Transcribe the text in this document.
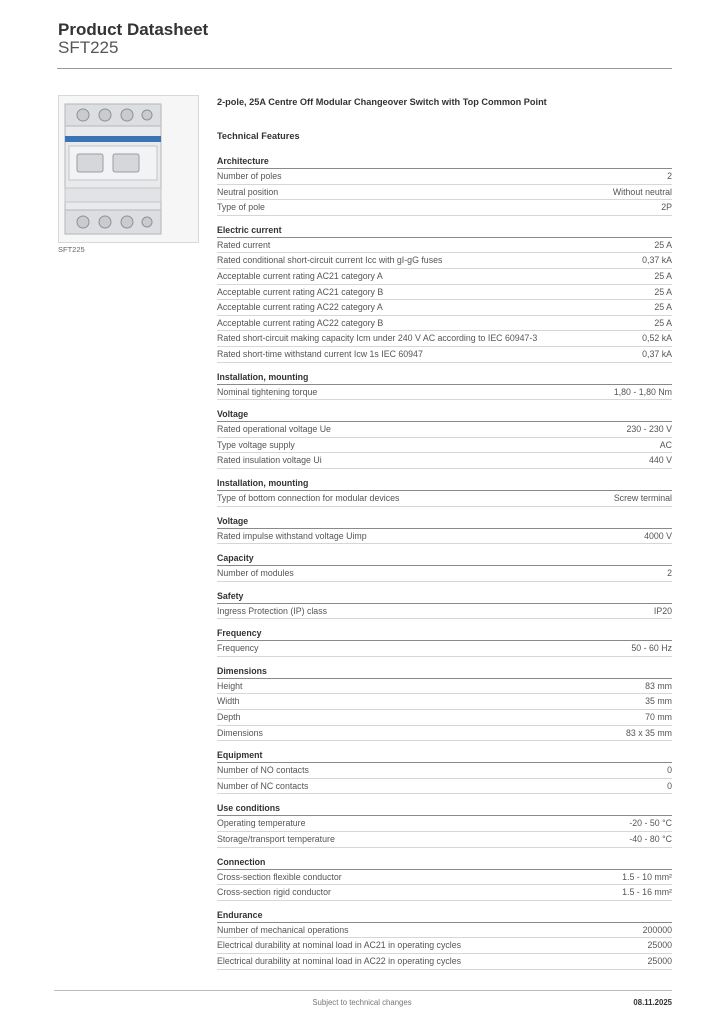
Product Datasheet
SFT225
SFT225
2-pole, 25A Centre Off Modular Changeover Switch with Top Common Point
Technical Features
Architecture
Number of poles	2
Neutral position	Without neutral
Type of pole	2P
Electric current
Rated current	25 A
Rated conditional short-circuit current Icc with gI-gG fuses	0,37 kA
Acceptable current rating AC21 category A	25 A
Acceptable current rating AC21 category B	25 A
Acceptable current rating AC22 category A	25 A
Acceptable current rating AC22 category B	25 A
Rated short-circuit making capacity Icm under 240 V AC according to IEC 60947-3	0,52 kA
Rated short-time withstand current Icw 1s IEC 60947	0,37 kA
Installation, mounting
Nominal tightening torque	1,80 - 1,80 Nm
Voltage
Rated operational voltage Ue	230 - 230 V
Type voltage supply	AC
Rated insulation voltage Ui	440 V
Installation, mounting
Type of bottom connection for modular devices	Screw terminal
Voltage
Rated impulse withstand voltage Uimp	4000 V
Capacity
Number of modules	2
Safety
Ingress Protection (IP) class	IP20
Frequency
Frequency	50 - 60 Hz
Dimensions
Height	83 mm
Width	35 mm
Depth	70 mm
Dimensions	83 x 35 mm
Equipment
Number of NO contacts	0
Number of NC contacts	0
Use conditions
Operating temperature	-20 - 50 °C
Storage/transport temperature	-40 - 80 °C
Connection
Cross-section flexible conductor	1.5 - 10 mm²
Cross-section rigid conductor	1.5 - 16 mm²
Endurance
Number of mechanical operations	200000
Electrical durability at nominal load in AC21 in operating cycles	25000
Electrical durability at nominal load in AC22 in operating cycles	25000
Subject to technical changes	08.11.2025
